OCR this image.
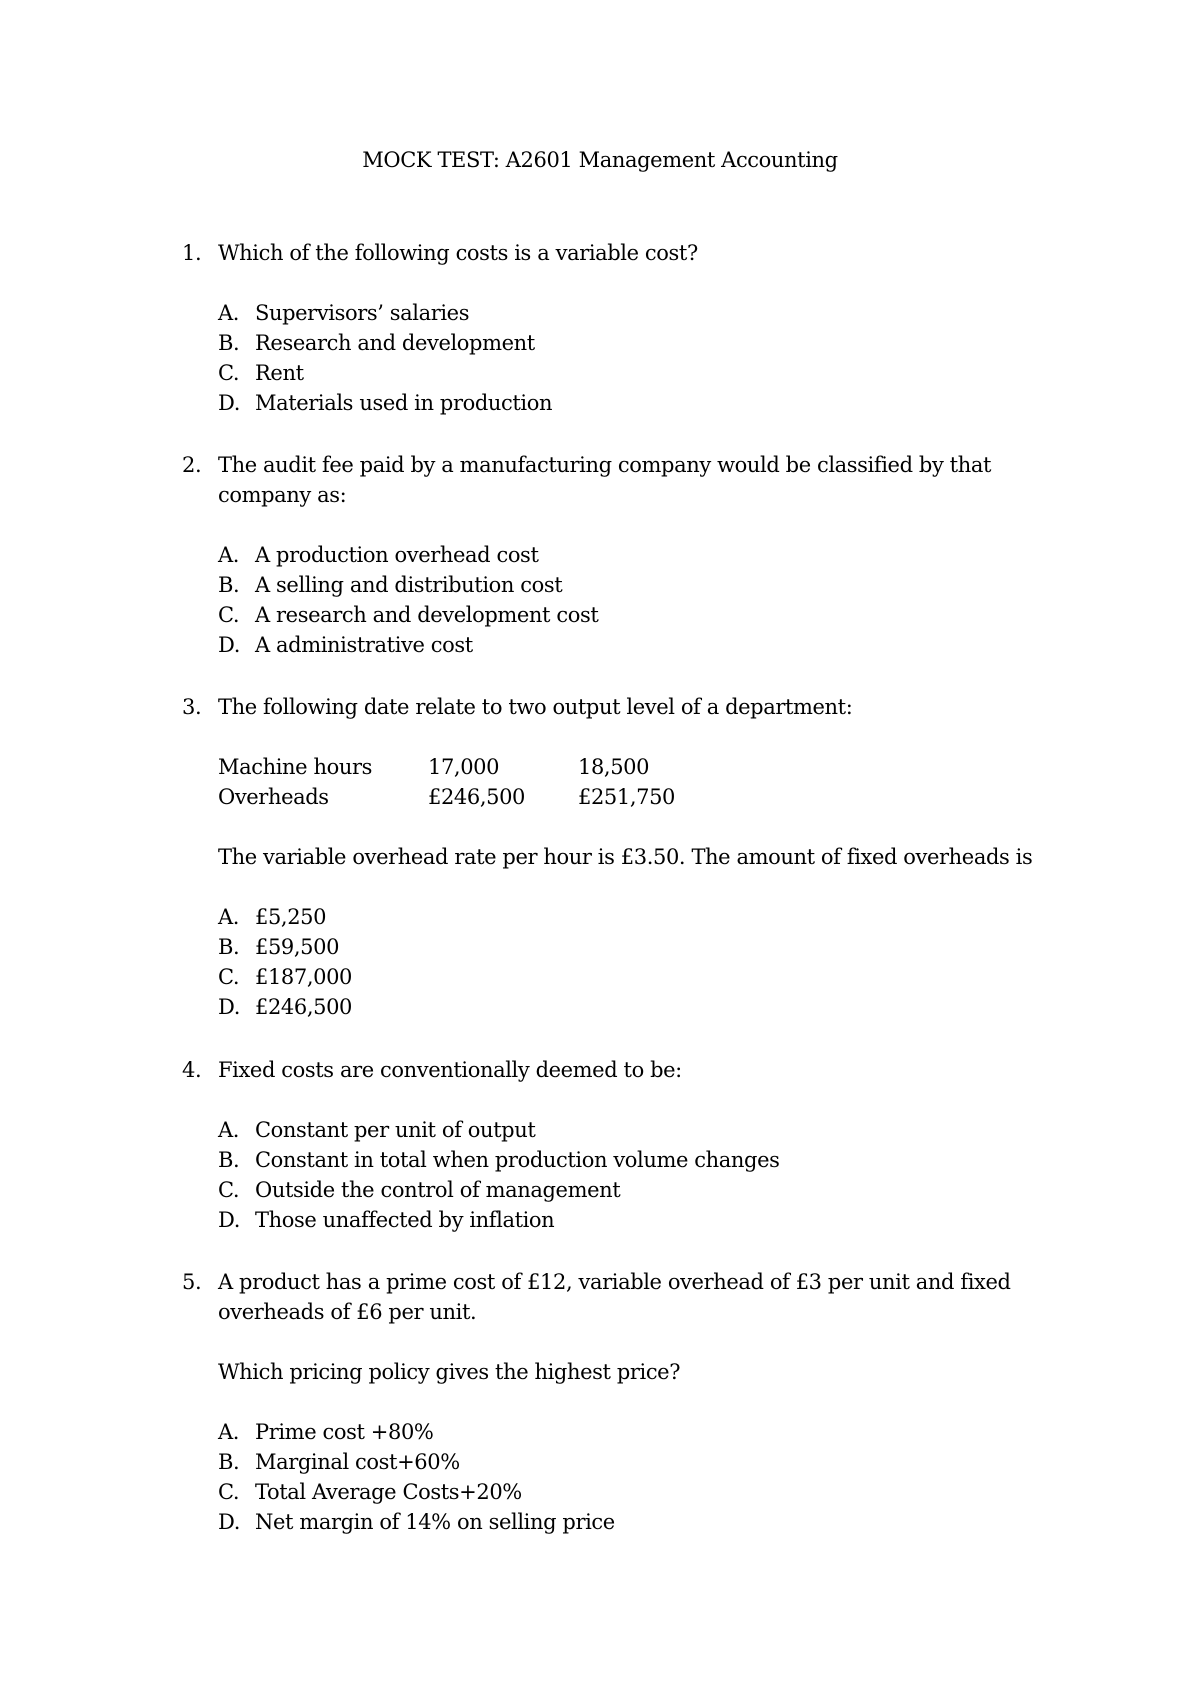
MOCK TEST: A2601 Management Accounting
1. Which of the following costs is a variable cost?
A. Supervisors’ salaries
B. Research and development
C. Rent
D. Materials used in production
2. The audit fee paid by a manufacturing company would be classified by that company as:
A. A production overhead cost
B. A selling and distribution cost
C. A research and development cost
D. A administrative cost
3. The following date relate to two output level of a department:
Machine hours	17,000	18,500
Overheads	£246,500	£251,750
The variable overhead rate per hour is £3.50. The amount of fixed overheads is
A. £5,250
B. £59,500
C. £187,000
D. £246,500
4. Fixed costs are conventionally deemed to be:
A. Constant per unit of output
B. Constant in total when production volume changes
C. Outside the control of management
D. Those unaffected by inflation
5. A product has a prime cost of £12, variable overhead of £3 per unit and fixed overheads of £6 per unit.
Which pricing policy gives the highest price?
A. Prime cost +80%
B. Marginal cost+60%
C. Total Average Costs+20%
D. Net margin of 14% on selling price
